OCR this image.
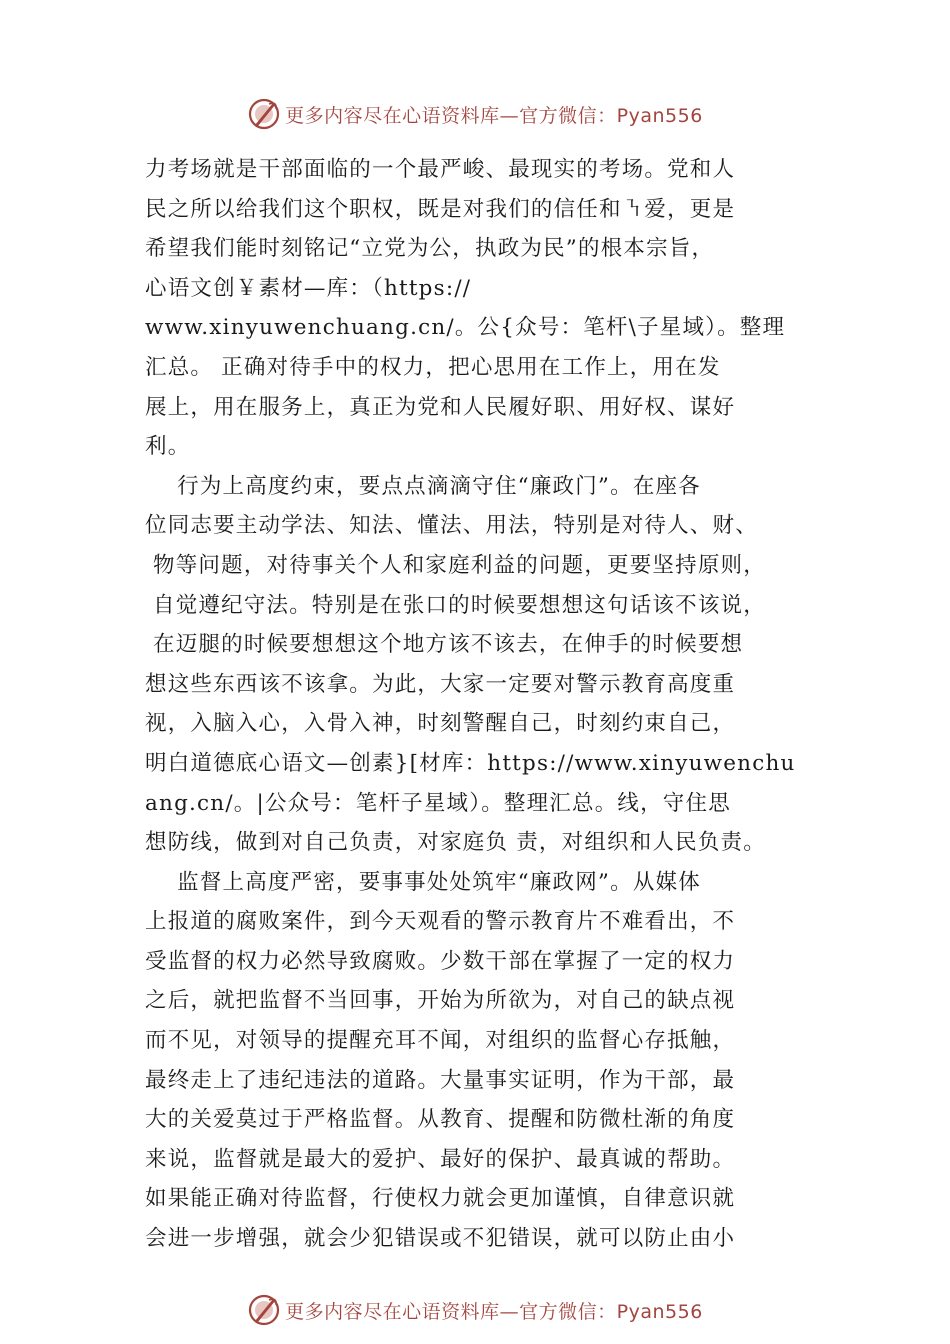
更多内容尽在心语资料库—官方微信：Pyan556
力考场就是干部面临的一个最严峻、最现实的考场。党和人
民之所以给我们这个职权，既是对我们的信任和㇎爱，更是
希望我们能时刻铭记“立党为公，执政为民”的根本宗旨，
心语文创￥素材—库：（https://
www.xinyuwenchuang.cn/。公{众号：笔杆\子星域）。整理
汇总。 正确对待手中的权力，把心思用在工作上，用在发
展上，用在服务上，真正为党和人民履好职、用好权、谋好
利。
行为上高度约束，要点点滴滴守住“廉政门”。在座各
位同志要主动学法、知法、懂法、用法，特别是对待人、财、
物等问题，对待事关个人和家庭利益的问题，更要坚持原则，
自觉遵纪守法。特别是在张口的时候要想想这句话该不该说，
在迈腿的时候要想想这个地方该不该去，在伸手的时候要想
想这些东西该不该拿。为此，大家一定要对警示教育高度重
视，入脑入心，入骨入神，时刻警醒自己，时刻约束自己，
明白道德底心语文—创素}[材库：https://www.xinyuwenchu
ang.cn/。|公众号：笔杆子星域）。整理汇总。线，守住思
想防线，做到对自己负责，对家庭负 责，对组织和人民负责。
监督上高度严密，要事事处处筑牢“廉政网”。从媒体
上报道的腐败案件，到今天观看的警示教育片不难看出，不
受监督的权力必然导致腐败。少数干部在掌握了一定的权力
之后，就把监督不当回事，开始为所欲为，对自己的缺点视
而不见，对领导的提醒充耳不闻，对组织的监督心存抵触，
最终走上了违纪违法的道路。大量事实证明，作为干部，最
大的关爱莫过于严格监督。从教育、提醒和防微杜渐的角度
来说，监督就是最大的爱护、最好的保护、最真诚的帮助。
如果能正确对待监督，行使权力就会更加谨慎，自律意识就
会进一步增强，就会少犯错误或不犯错误，就可以防止由小
更多内容尽在心语资料库—官方微信：Pyan556
